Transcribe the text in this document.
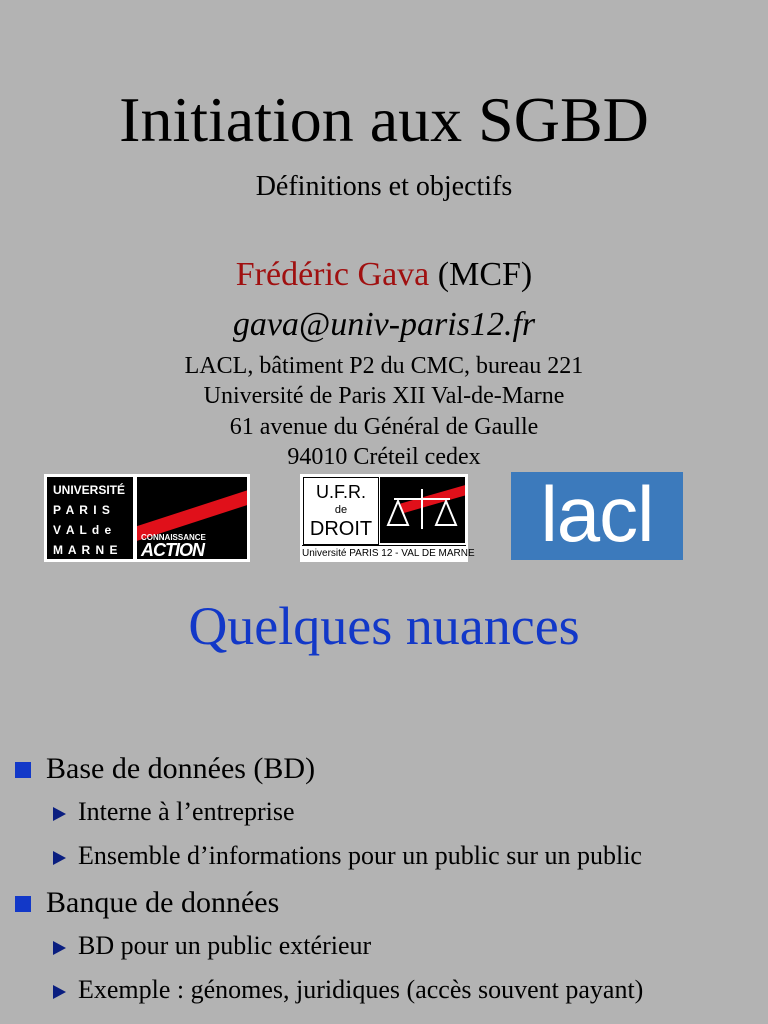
Initiation aux SGBD
Définitions et objectifs
Frédéric Gava (MCF)
gava@univ-paris12.fr
LACL, bâtiment P2 du CMC, bureau 221
Université de Paris XII Val-de-Marne
61 avenue du Général de Gaulle
94010 Créteil cedex
UNIVERSITÉ
P A R I S
V A L d e
M A R N E
CONNAISSANCE
ACTION
U.F.R.
de
DROIT
Université PARIS 12 - VAL DE MARNE lacl
Quelques nuances
Base de données (BD)
Interne à l’entreprise
Ensemble d’informations pour un public sur un public
Banque de données
BD pour un public extérieur
Exemple : génomes, juridiques (accès souvent payant)
